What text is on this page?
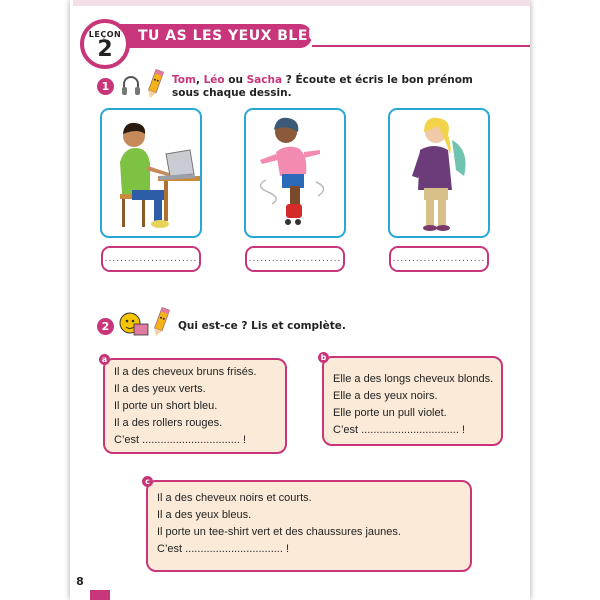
TU AS LES YEUX BLEUS ?
LEÇON
2
1	Tom, Léo ou Sacha ? Écoute et écris le bon prénom
sous chaque dessin.
........................	........................	........................
2	Qui est-ce ? Lis et complète.
Il a des cheveux bruns frisés.
Il a des yeux verts.
Il porte un short bleu.
Il a des rollers rouges.
C’est ................................ !
a
Elle a des longs cheveux blonds.
Elle a des yeux noirs.
Elle porte un pull violet.
C’est ................................ !
b
Il a des cheveux noirs et courts.
Il a des yeux bleus.
Il porte un tee-shirt vert et des chaussures jaunes.
C’est ................................ !
c
8
